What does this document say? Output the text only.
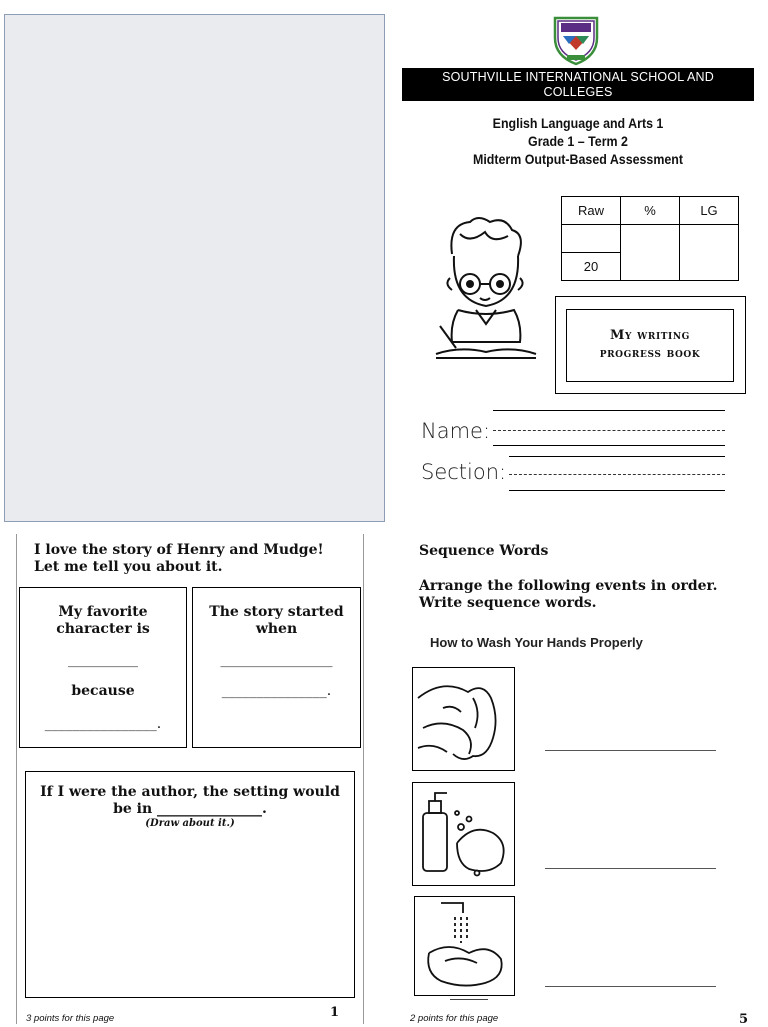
SOUTHVILLE INTERNATIONAL SCHOOL AND
COLLEGES
English Language and Arts 1
Grade 1 – Term 2
Midterm Output-Based Assessment
Raw	%	LG

20		
My writing
progress book
Name:
Section:
I love the story of Henry and Mudge!
Let me tell you about it.
My favorite
character is
__________
because
________________.
The story started
when
________________
_______________.
If I were the author, the setting would
be in _______________.
(Draw about it.)
3 points for this page	1
Sequence Words
Arrange the following events in order.
Write sequence words.
How to Wash Your Hands Properly
2 points for this page	5
